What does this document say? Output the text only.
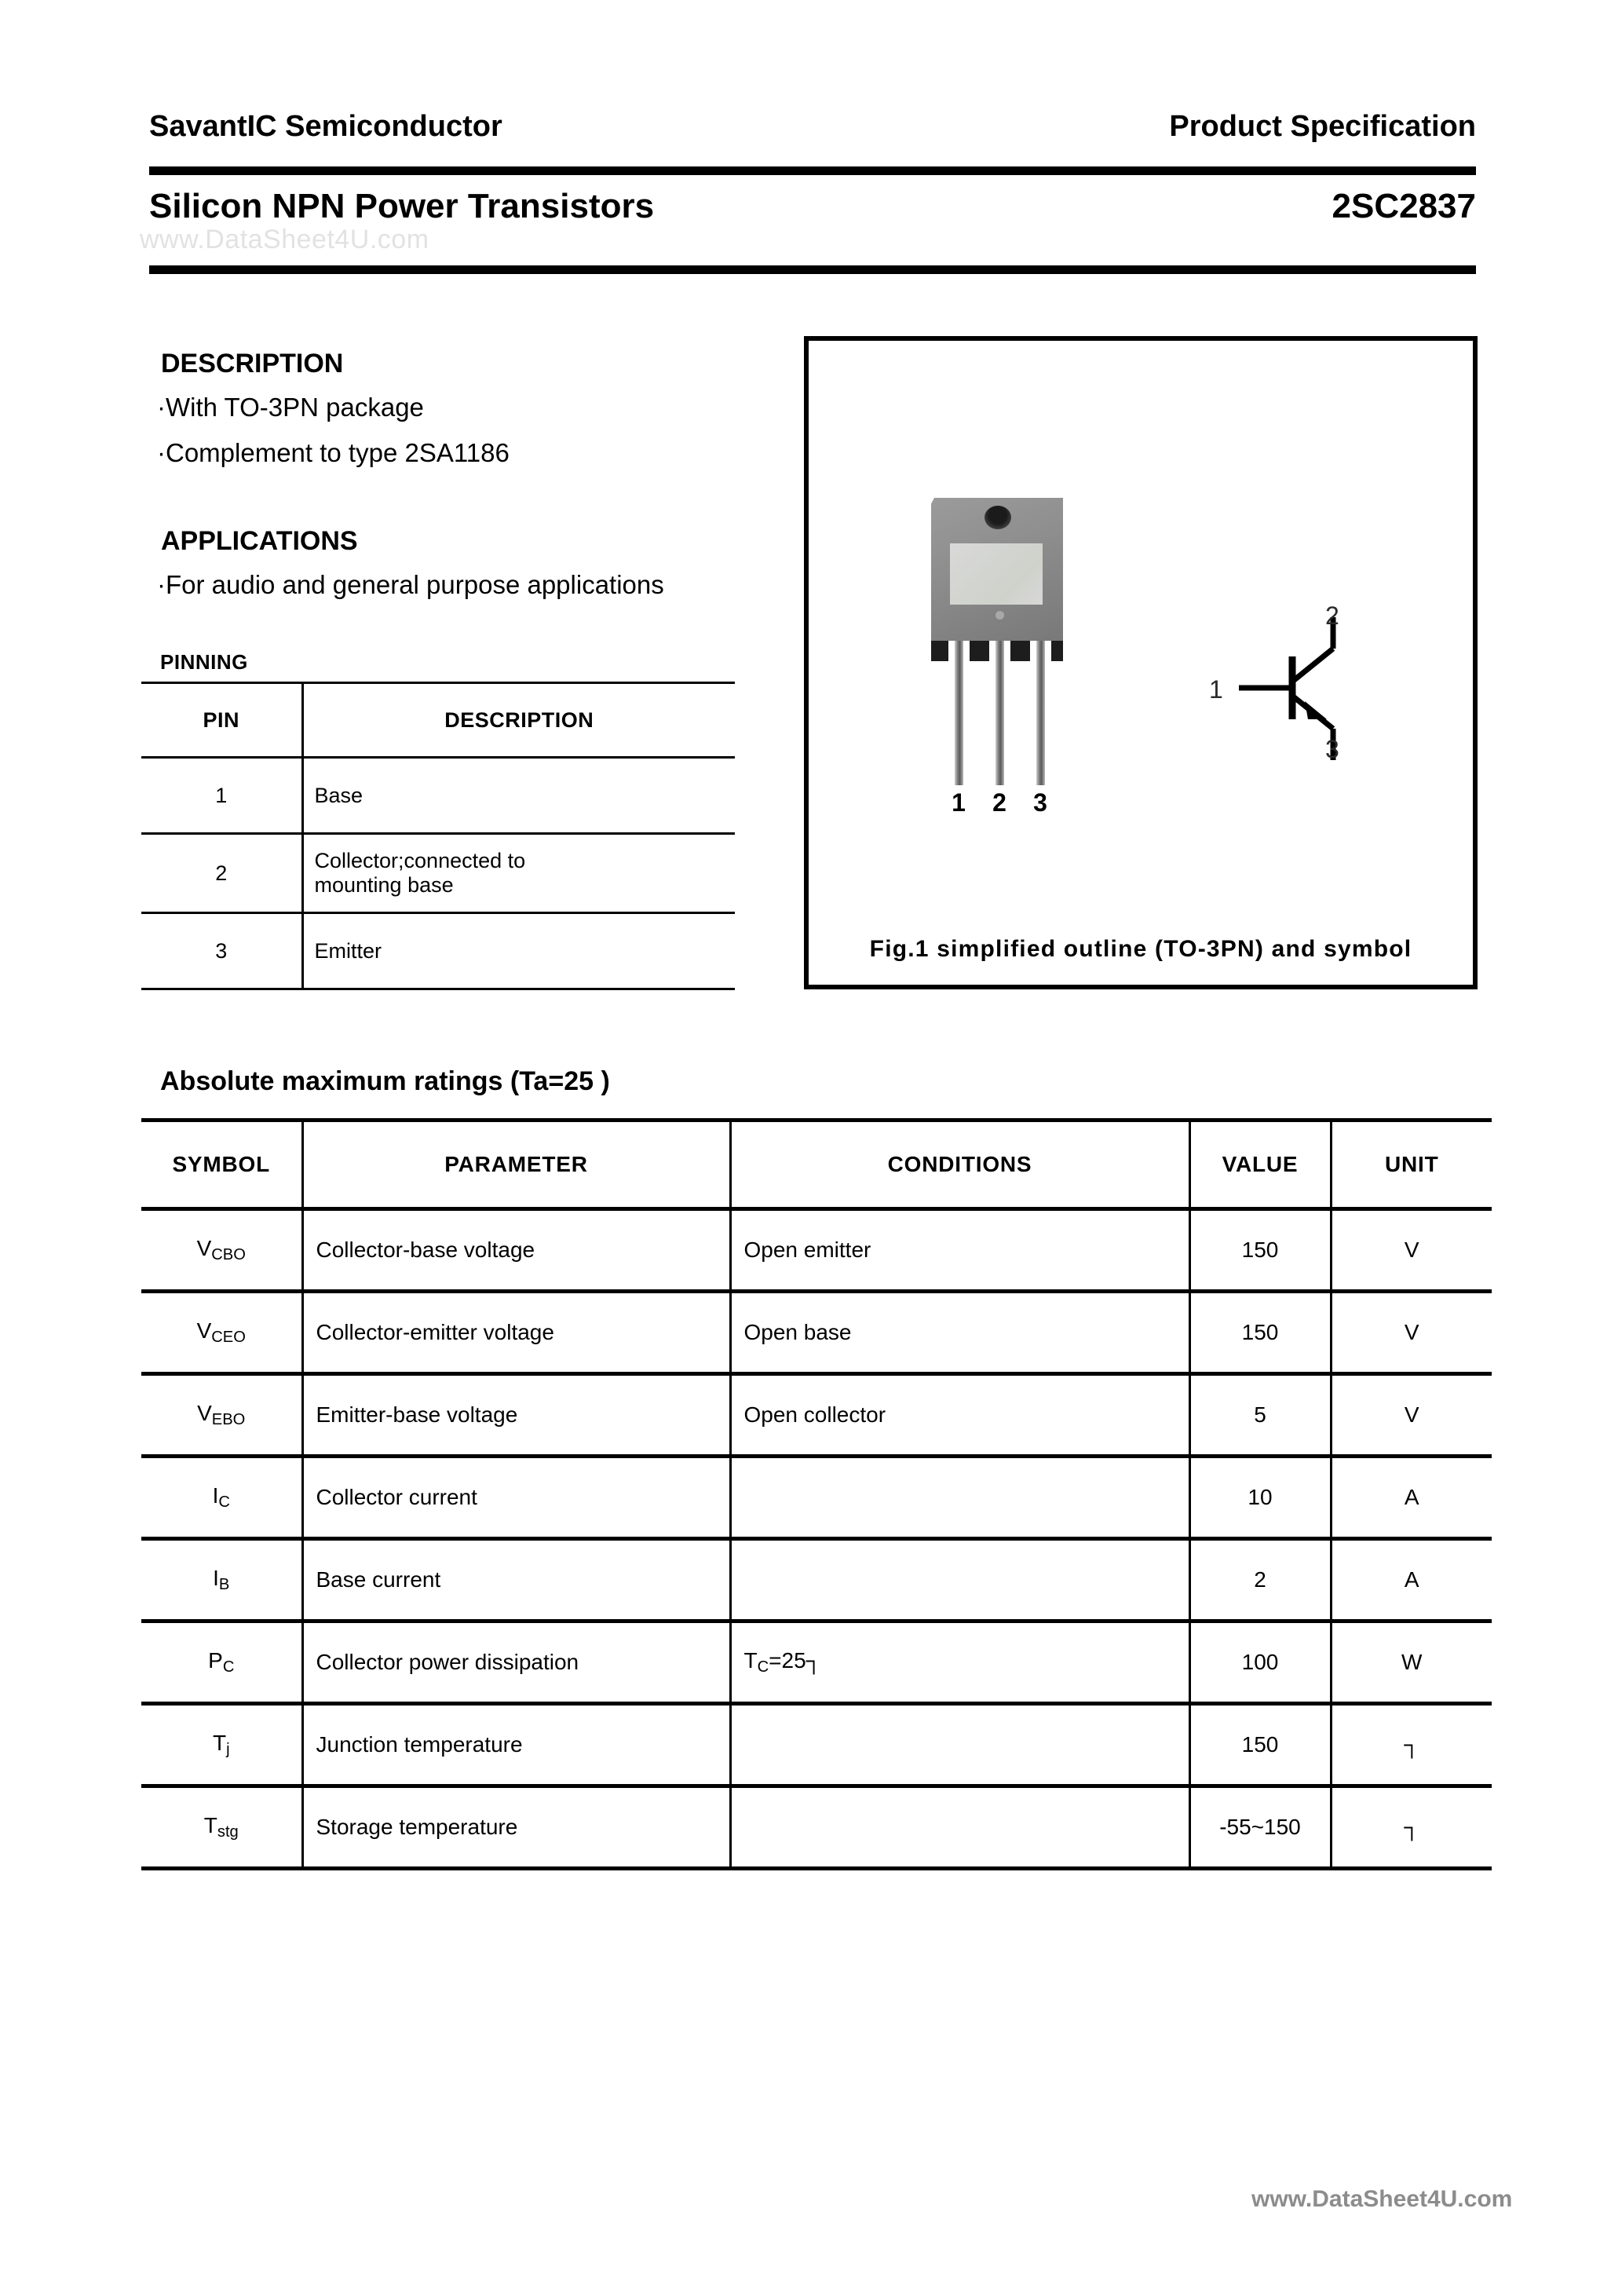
SavantIC Semiconductor	Product Specification
Silicon NPN Power Transistors	2SC2837
www.DataSheet4U.com
DESCRIPTION
·With TO-3PN package
·Complement to type 2SA1186
APPLICATIONS
·For audio and general purpose applications
PINNING
PIN	DESCRIPTION
1	Base
2	Collector;connected to
mounting base

3	Emitter
1 2 3
1
2
3
Fig.1 simplified outline (TO-3PN) and symbol
Absolute maximum ratings (Ta=25 )
SYMBOL	PARAMETER	CONDITIONS	VALUE	UNIT
$V_{CBO}$	Collector-base voltage	Open emitter	150	V
$V_{CEO}$	Collector-emitter voltage	Open base	150	V
$V_{EBO}$	Emitter-base voltage	Open collector	5	V
$I_C$	Collector current		10	A
$I_B$	Base current		2	A
$P_C$	Collector power dissipation	$T_C=25┐$	100	W
$T_j$	Junction temperature		150	┐
$T_{stg}$	Storage temperature		-55~150	┐
www.DataSheet4U.com
